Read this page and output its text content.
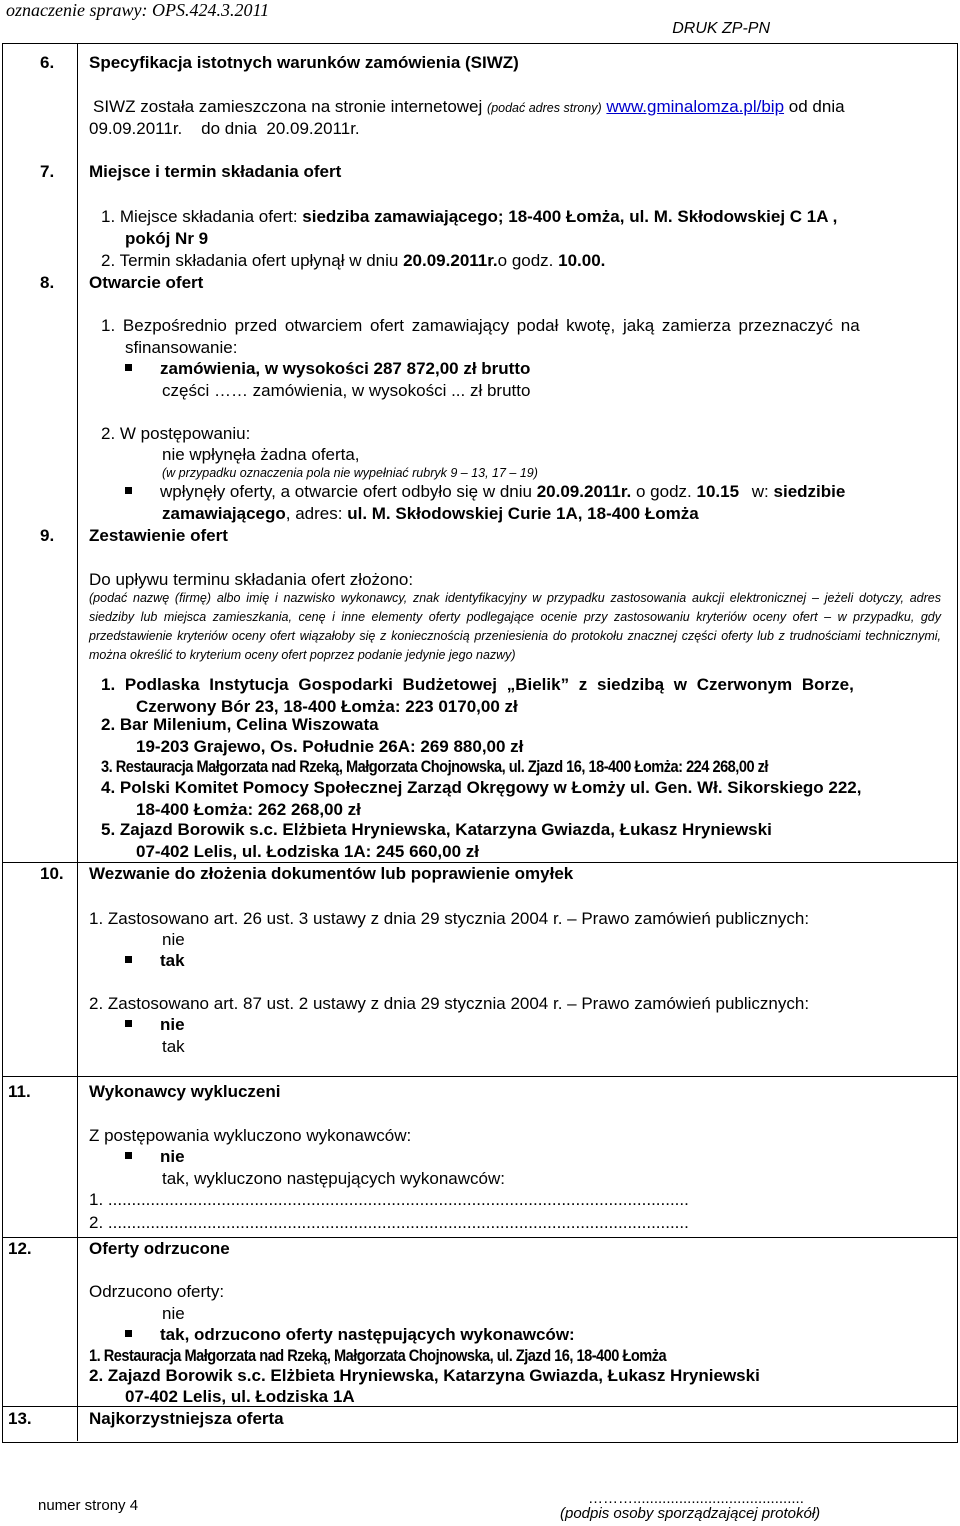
oznaczenie sprawy: OPS.424.3.2011
DRUK ZP-PN
6. Specyfikacja istotnych warunków zamówienia (SIWZ)
SIWZ została zamieszczona na stronie internetowej (podać adres strony) www.gminalomza.pl/bip od dnia
09.09.2011r.    do dnia  20.09.2011r.
7. Miejsce i termin składania ofert
1. Miejsce składania ofert: siedziba zamawiającego; 18-400 Łomża, ul. M. Skłodowskiej C 1A ,
pokój Nr 9
2. Termin składania ofert upłynął w dniu 20.09.2011r.o godz. 10.00.
8. Otwarcie ofert
1. Bezpośrednio przed otwarciem ofert zamawiający podał kwotę, jaką zamierza przeznaczyć na
sfinansowanie:
zamówienia, w wysokości 287 872,00 zł brutto
części …… zamówienia, w wysokości ... zł brutto
2. W postępowaniu:
nie wpłynęła żadna oferta,
(w przypadku oznaczenia pola nie wypełniać rubryk 9 – 13, 17 – 19)
wpłynęły oferty, a otwarcie ofert odbyło się w dniu 20.09.2011r. o godz. 10.15 w: siedzibie
zamawiającego, adres: ul. M. Skłodowskiej Curie 1A, 18-400 Łomża
9. Zestawienie ofert
Do upływu terminu składania ofert złożono:
(podać nazwę (firmę) albo imię i nazwisko wykonawcy, znak identyfikacyjny w przypadku zastosowania aukcji elektronicznej – jeżeli dotyczy, adres siedziby lub miejsca zamieszkania, cenę i inne elementy oferty podlegające ocenie przy zastosowaniu kryteriów oceny ofert – w przypadku, gdy przedstawienie kryteriów oceny ofert wiązałoby się z koniecznością przeniesienia do protokołu znacznej części oferty lub z trudnościami technicznymi, można określić to kryterium oceny ofert poprzez podanie jedynie jego nazwy)
1. Podlaska Instytucja Gospodarki Budżetowej „Bielik” z siedzibą w Czerwonym Borze,
Czerwony Bór 23, 18-400 Łomża: 223 0170,00 zł
2. Bar Milenium, Celina Wiszowata
19-203 Grajewo, Os. Południe 26A: 269 880,00 zł
3. Restauracja Małgorzata nad Rzeką, Małgorzata Chojnowska, ul. Zjazd 16, 18-400 Łomża: 224 268,00 zł
4. Polski Komitet Pomocy Społecznej Zarząd Okręgowy w Łomży ul. Gen. Wł. Sikorskiego 222,
18-400 Łomża: 262 268,00 zł
5. Zajazd Borowik s.c. Elżbieta Hryniewska, Katarzyna Gwiazda, Łukasz Hryniewski
07-402 Lelis, ul. Łodziska 1A: 245 660,00 zł
10. Wezwanie do złożenia dokumentów lub poprawienie omyłek
1. Zastosowano art. 26 ust. 3 ustawy z dnia 29 stycznia 2004 r. – Prawo zamówień publicznych:
nie
tak
2. Zastosowano art. 87 ust. 2 ustawy z dnia 29 stycznia 2004 r. – Prawo zamówień publicznych:
nie
tak
11.	Wykonawcy wykluczeni
Z postępowania wykluczono wykonawców:
nie
tak, wykluczono następujących wykonawców:
1. ...........................................................................................................................
2. ...........................................................................................................................
12.	Oferty odrzucone
Odrzucono oferty:
nie
tak, odrzucono oferty następujących wykonawców:
1. Restauracja Małgorzata nad Rzeką, Małgorzata Chojnowska, ul. Zjazd 16, 18-400 Łomża
2. Zajazd Borowik s.c. Elżbieta Hryniewska, Katarzyna Gwiazda, Łukasz Hryniewski
07-402 Lelis, ul. Łodziska 1A
13.	Najkorzystniejsza oferta
numer strony 4	……….........................................
(podpis osoby sporządzającej protokół)
